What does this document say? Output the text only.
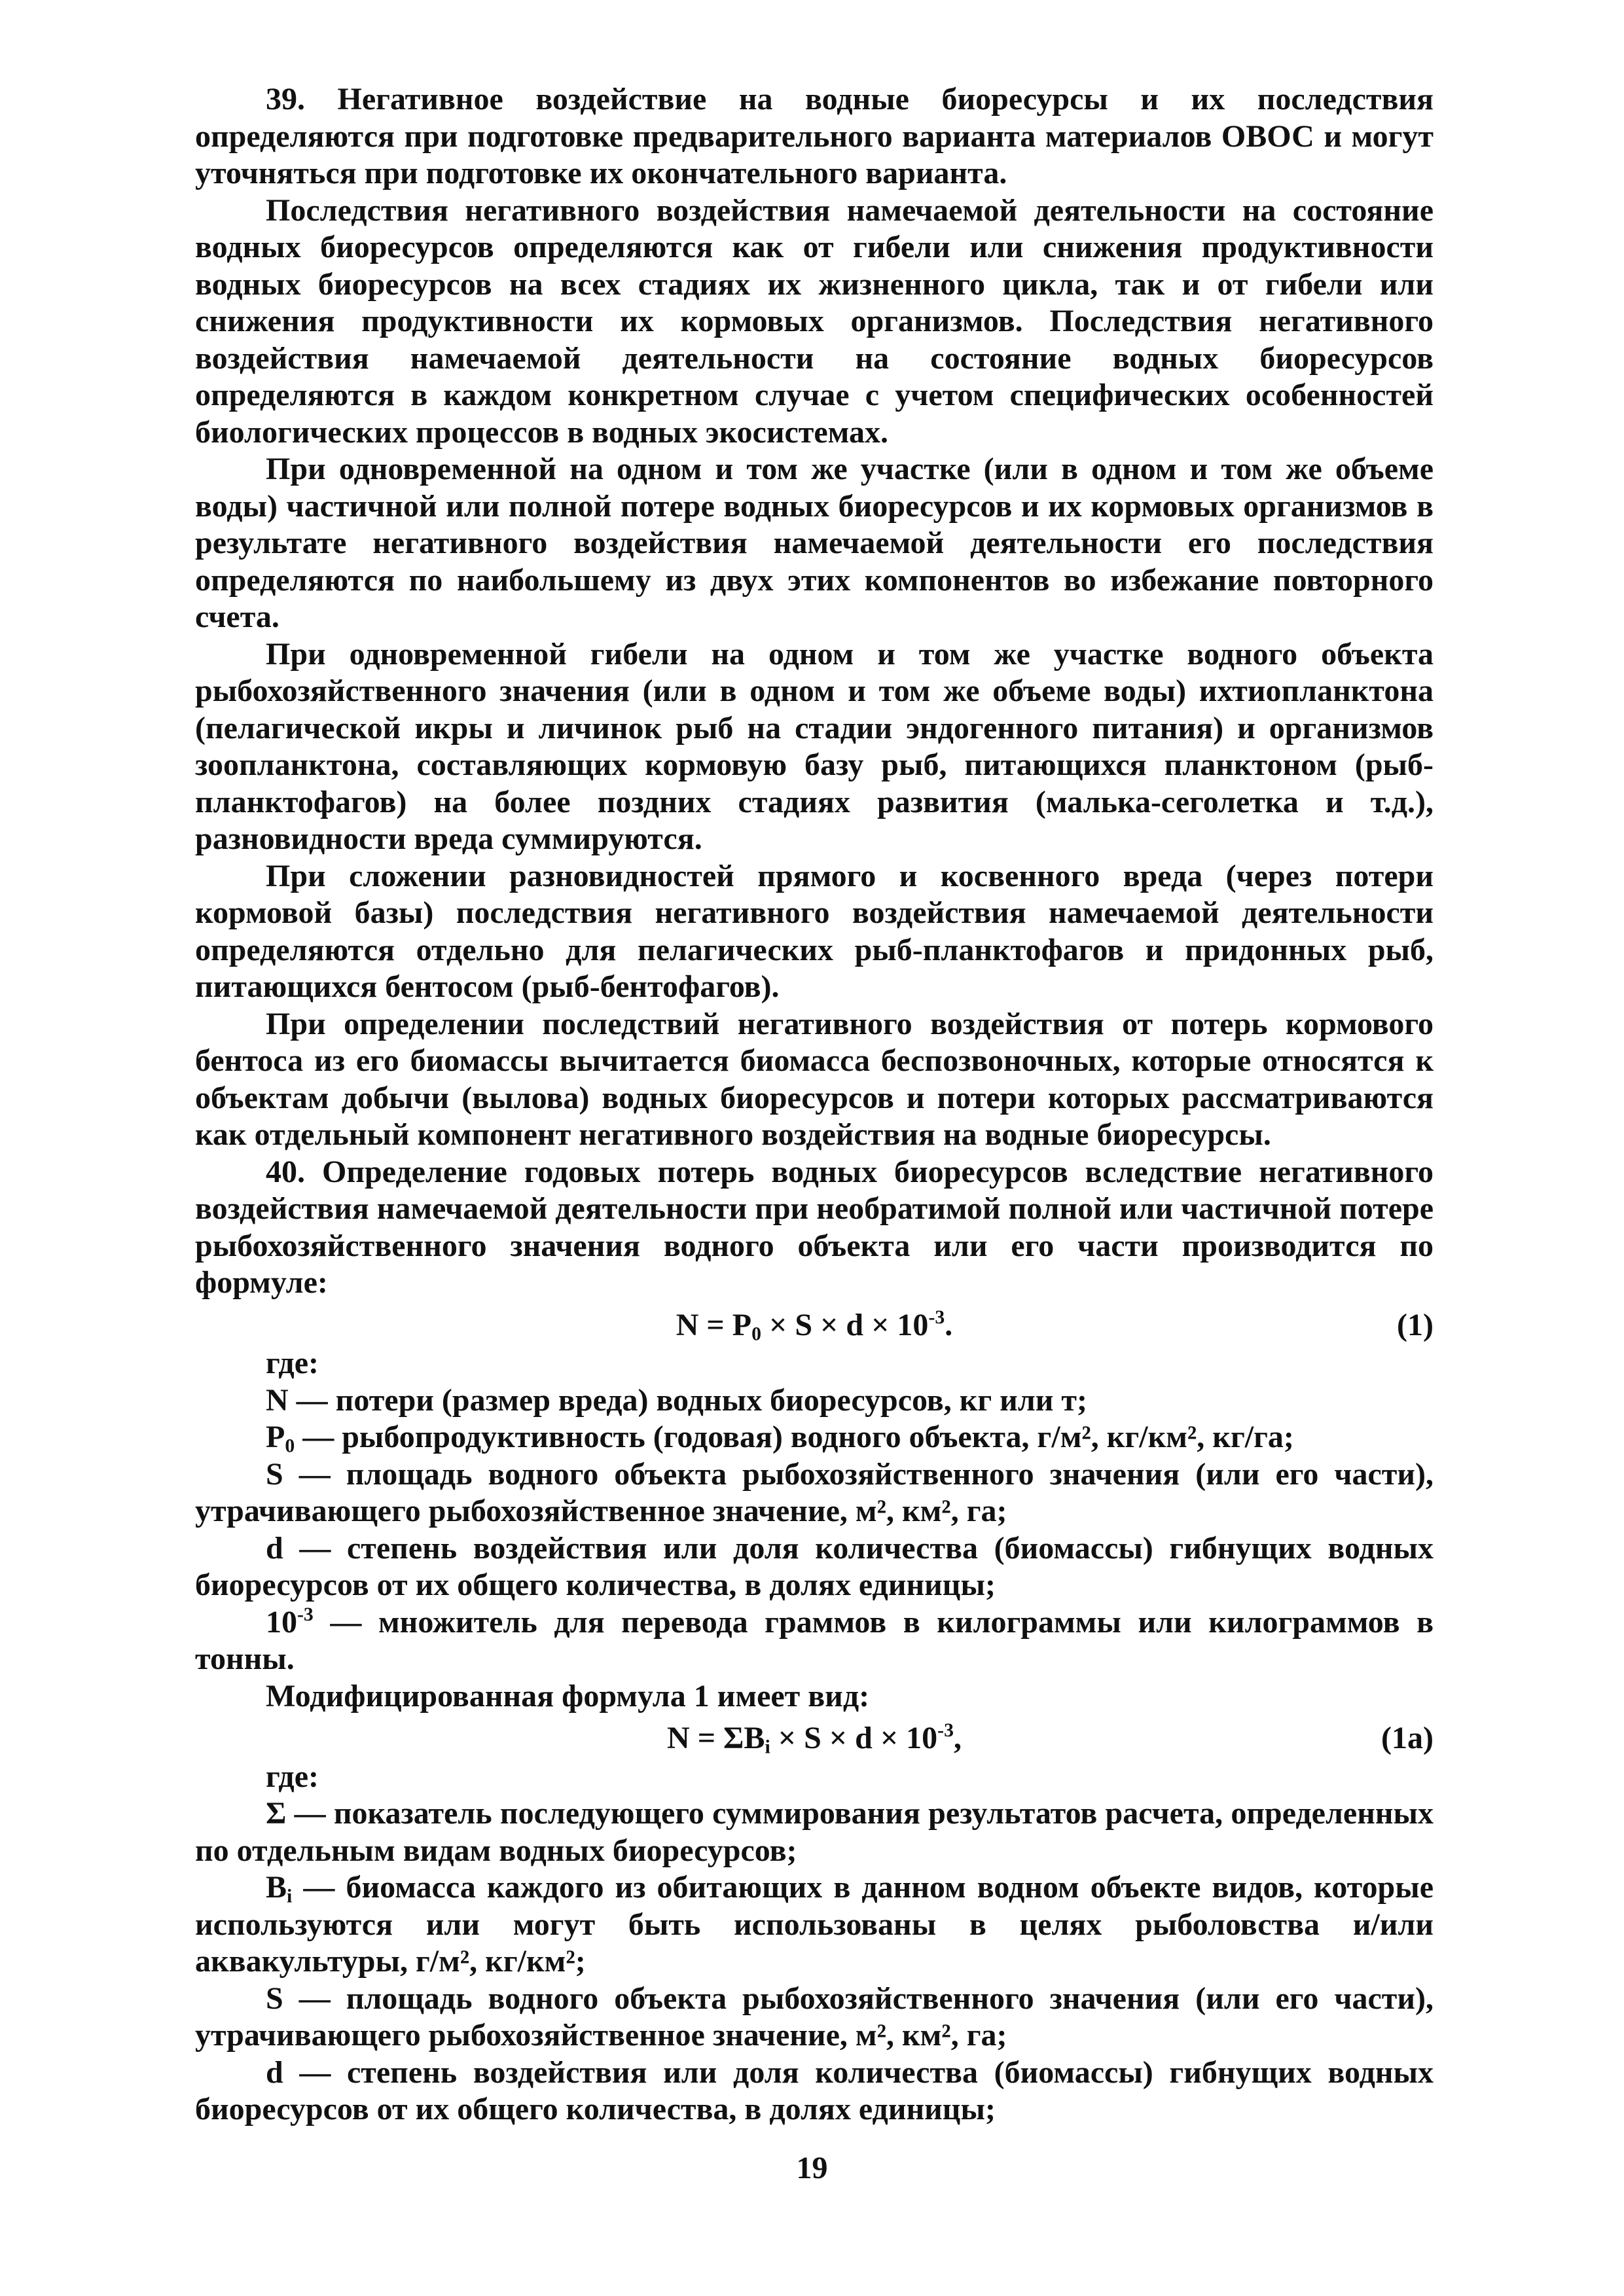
39. Негативное воздействие на водные биоресурсы и их последствия определяются при подготовке предварительного варианта материалов ОВОС и могут уточняться при подготовке их окончательного варианта.

Последствия негативного воздействия намечаемой деятельности на состояние водных биоресурсов определяются как от гибели или снижения продуктивности водных биоресурсов на всех стадиях их жизненного цикла, так и от гибели или снижения продуктивности их кормовых организмов. Последствия негативного воздействия намечаемой деятельности на состояние водных биоресурсов определяются в каждом конкретном случае с учетом специфических особенностей биологических процессов в водных экосистемах.

При одновременной на одном и том же участке (или в одном и том же объеме воды) частичной или полной потере водных биоресурсов и их кормовых организмов в результате негативного воздействия намечаемой деятельности его последствия определяются по наибольшему из двух этих компонентов во избежание повторного счета.

При одновременной гибели на одном и том же участке водного объекта рыбохозяйственного значения (или в одном и том же объеме воды) ихтиопланктона (пелагической икры и личинок рыб на стадии эндогенного питания) и организмов зоопланктона, составляющих кормовую базу рыб, питающихся планктоном (рыб-планктофагов) на более поздних стадиях развития (малька-сеголетка и т.д.), разновидности вреда суммируются.

При сложении разновидностей прямого и косвенного вреда (через потери кормовой базы) последствия негативного воздействия намечаемой деятельности определяются отдельно для пелагических рыб-планктофагов и придонных рыб, питающихся бентосом (рыб-бентофагов).

При определении последствий негативного воздействия от потерь кормового бентоса из его биомассы вычитается биомасса беспозвоночных, которые относятся к объектам добычи (вылова) водных биоресурсов и потери которых рассматриваются как отдельный компонент негативного воздействия на водные биоресурсы.

40. Определение годовых потерь водных биоресурсов вследствие негативного воздействия намечаемой деятельности при необратимой полной или частичной потере рыбохозяйственного значения водного объекта или его части производится по формуле:

$N = P_0 \times S \times d \times 10^{-3}$.	(1)

где:

N — потери (размер вреда) водных биоресурсов, кг или т;

$P_0$ — рыбопродуктивность (годовая) водного объекта, г/м², кг/км², кг/га;

S — площадь водного объекта рыбохозяйственного значения (или его части), утрачивающего рыбохозяйственное значение, м², км², га;

d — степень воздействия или доля количества (биомассы) гибнущих водных биоресурсов от их общего количества, в долях единицы;

$10^{-3}$ — множитель для перевода граммов в килограммы или килограммов в тонны.

Модифицированная формула 1 имеет вид:

$N = \Sigma B_i \times S \times d \times 10^{-3}$,	(1а)

где:

Σ — показатель последующего суммирования результатов расчета, определенных по отдельным видам водных биоресурсов;

$B_i$ — биомасса каждого из обитающих в данном водном объекте видов, которые используются или могут быть использованы в целях рыболовства и/или аквакультуры, г/м², кг/км²;

S — площадь водного объекта рыбохозяйственного значения (или его части), утрачивающего рыбохозяйственное значение, м², км², га;

d — степень воздействия или доля количества (биомассы) гибнущих водных биоресурсов от их общего количества, в долях единицы;

19
